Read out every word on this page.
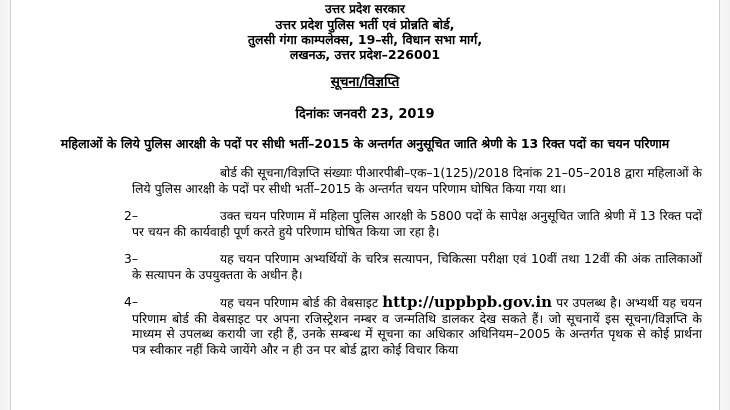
उत्तर प्रदेश सरकार
उत्तर प्रदेश पुलिस भर्ती एवं प्रोन्नति बोर्ड,
तुलसी गंगा काम्पलेक्स, 19–सी, विधान सभा मार्ग,
लखनऊ, उत्तर प्रदेश–226001
सूचना/विज्ञप्ति
दिनांकः जनवरी 23, 2019
महिलाओं के लिये पुलिस आरक्षी के पदों पर सीधी भर्ती–2015 के अन्तर्गत अनुसूचित जाति श्रेणी के 13 रिक्त पदों का चयन परिणाम
बोर्ड की सूचना/विज्ञप्ति संख्याः पीआरपीबी–एक–1(125)/2018 दिनांक 21–05–2018 द्वारा महिलाओं के लिये पुलिस आरक्षी के पदों पर सीधी भर्ती–2015 के अन्तर्गत चयन परिणाम घोषित किया गया था।
2–	उक्त चयन परिणाम में महिला पुलिस आरक्षी के 5800 पदों के सापेक्ष अनुसूचित जाति श्रेणी में 13 रिक्त पदों पर चयन की कार्यवाही पूर्ण करते हुये परिणाम घोषित किया जा रहा है।
3–	यह चयन परिणाम अभ्यर्थियों के चरित्र सत्यापन, चिकित्सा परीक्षा एवं 10वीं तथा 12वीं की अंक तालिकाओं के सत्यापन के उपयुक्तता के अधीन है।
4–	यह चयन परिणाम बोर्ड की वेबसाइट http://uppbpb.gov.in पर उपलब्ध है। अभ्यर्थी यह चयन परिणाम बोर्ड की वेबसाइट पर अपना रजिस्ट्रेशन नम्बर व जन्मतिथि डालकर देख सकते हैं। जो सूचनायें इस सूचना/विज्ञप्ति के माध्यम से उपलब्ध करायी जा रही हैं, उनके सम्बन्ध में सूचना का अधिकार अधिनियम–2005 के अन्तर्गत पृथक से कोई प्रार्थना पत्र स्वीकार नहीं किये जायेंगे और न ही उन पर बोर्ड द्वारा कोई विचार किया
